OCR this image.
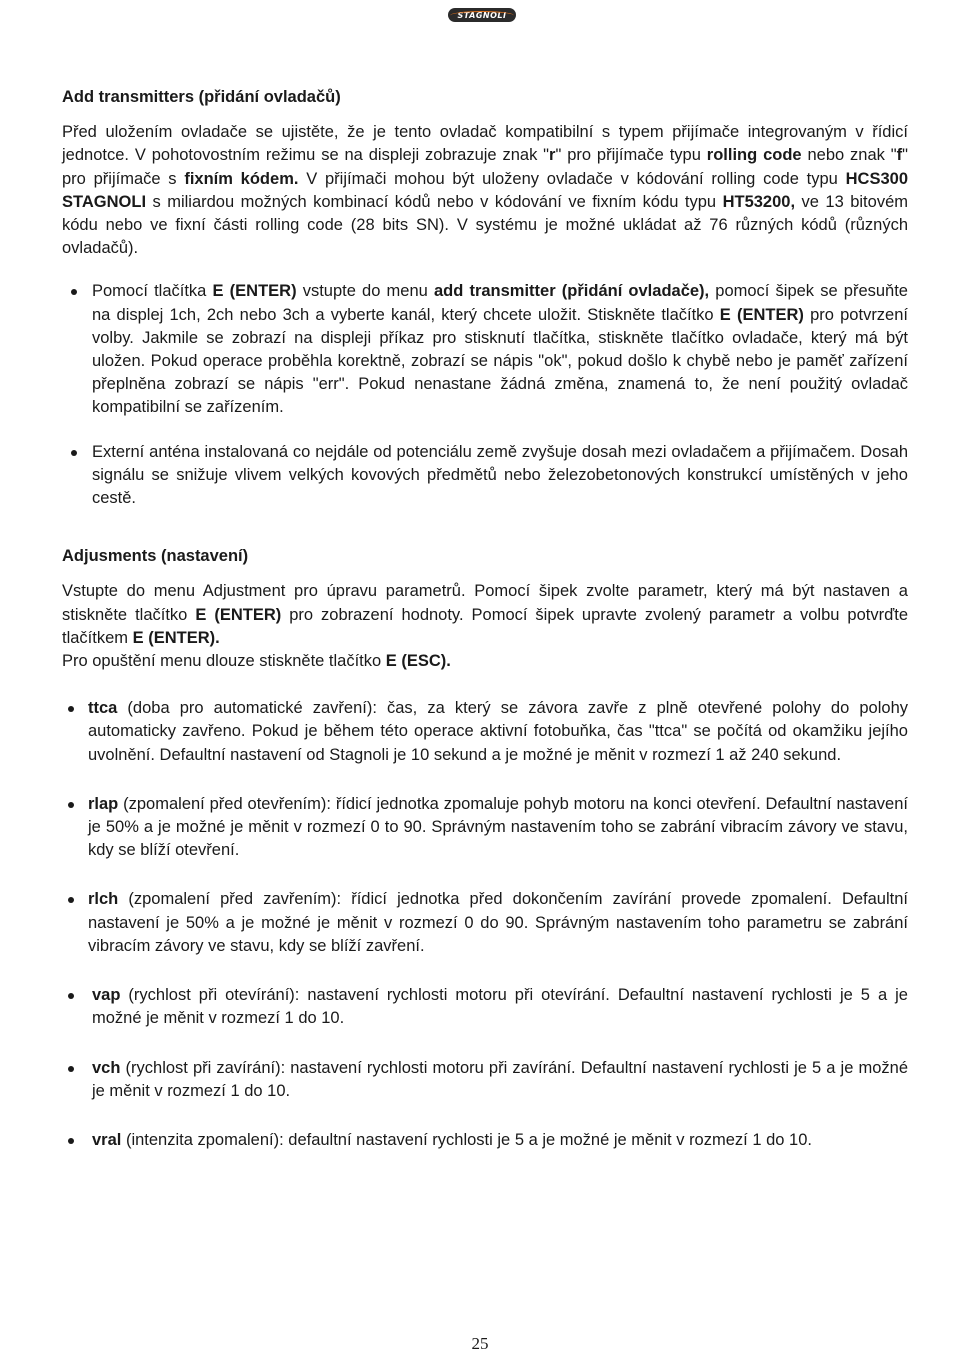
STAGNOLI

Add transmitters (přidání ovladačů)

Před uložením ovladače se ujistěte, že je tento ovladač kompatibilní s typem přijímače integrovaným v řídicí jednotce. V pohotovostním režimu se na displeji zobrazuje znak "r" pro přijímače typu rolling code nebo znak "f" pro přijímače s fixním kódem. V přijímači mohou být uloženy ovladače v kódování rolling code typu HCS300 STAGNOLI s miliardou možných kombinací kódů nebo v kódování ve fixním kódu typu HT53200, ve 13 bitovém kódu nebo ve fixní části rolling code (28 bits SN). V systému je možné ukládat až 76 různých kódů (různých ovladačů).

Pomocí tlačítka E (ENTER) vstupte do menu add transmitter (přidání ovladače), pomocí šipek se přesuňte na displej 1ch, 2ch nebo 3ch a vyberte kanál, který chcete uložit. Stiskněte tlačítko E (ENTER) pro potvrzení volby. Jakmile se zobrazí na displeji příkaz pro stisknutí tlačítka, stiskněte tlačítko ovladače, který má být uložen. Pokud operace proběhla korektně, zobrazí se nápis "ok", pokud došlo k chybě nebo je paměť zařízení přeplněna zobrazí se nápis "err". Pokud nenastane žádná změna, znamená to, že není použitý ovladač kompatibilní se zařízením.
Externí anténa instalovaná co nejdále od potenciálu země zvyšuje dosah mezi ovladačem a přijímačem. Dosah signálu se snižuje vlivem velkých kovových předmětů nebo železobetonových konstrukcí umístěných v jeho cestě.

Adjusments (nastavení)

Vstupte do menu Adjustment pro úpravu parametrů. Pomocí šipek zvolte parametr, který má být nastaven a stiskněte tlačítko E (ENTER) pro zobrazení hodnoty. Pomocí šipek upravte zvolený parametr a volbu potvrďte tlačítkem E (ENTER).

Pro opuštění menu dlouze stiskněte tlačítko E (ESC).

ttca (doba pro automatické zavření): čas, za který se závora zavře z plně otevřené polohy do polohy automaticky zavřeno. Pokud je během této operace aktivní fotobuňka, čas "ttca" se počítá od okamžiku jejího uvolnění. Defaultní nastavení od Stagnoli je 10 sekund a je možné je měnit v rozmezí 1 až 240 sekund.
rlap (zpomalení před otevřením): řídicí jednotka zpomaluje pohyb motoru na konci otevření. Defaultní nastavení je 50% a je možné je měnit v rozmezí 0 to 90. Správným nastavením toho se zabrání vibracím závory ve stavu, kdy se blíží otevření.
rlch (zpomalení před zavřením): řídicí jednotka před dokončením zavírání provede zpomalení. Defaultní nastavení je 50% a je možné je měnit v rozmezí 0 do 90. Správným nastavením toho parametru se zabrání vibracím závory ve stavu, kdy se blíží zavření.
vap (rychlost při otevírání): nastavení rychlosti motoru při otevírání. Defaultní nastavení rychlosti je 5 a je možné je měnit v rozmezí 1 do 10.
vch (rychlost při zavírání): nastavení rychlosti motoru při zavírání. Defaultní nastavení rychlosti je 5 a je možné je měnit v rozmezí 1 do 10.
vral (intenzita zpomalení): defaultní nastavení rychlosti je 5 a je možné je měnit v rozmezí 1 do 10.
25
